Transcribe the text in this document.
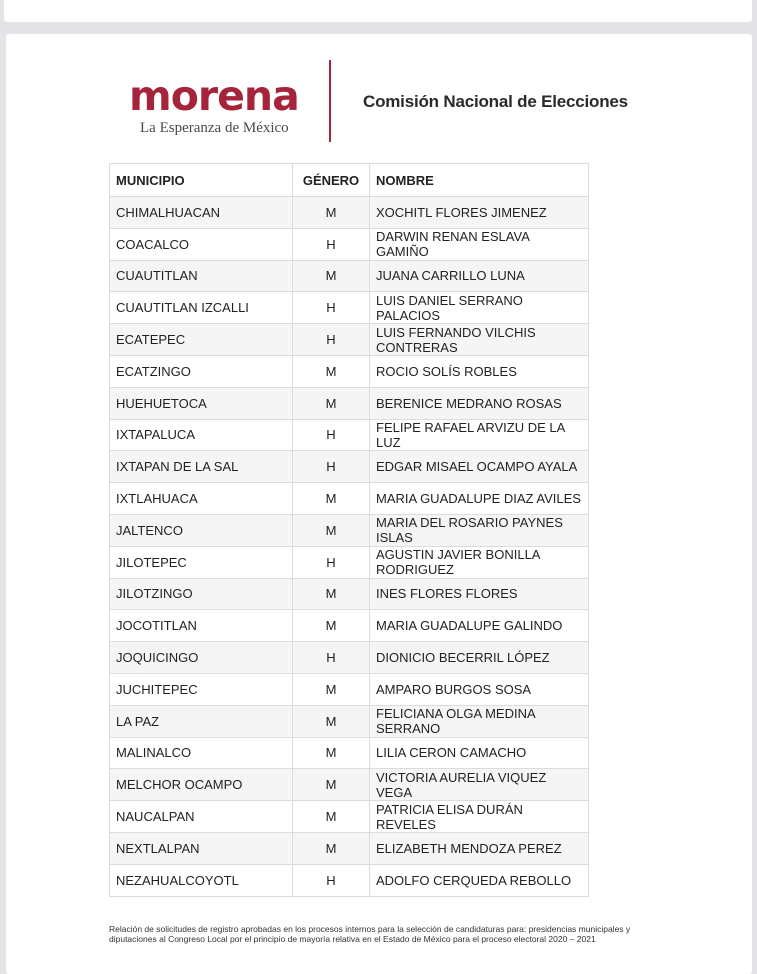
morena
La Esperanza de México
Comisión Nacional de Elecciones
MUNICIPIO	GÉNERO	NOMBRE
CHIMALHUACAN	M	XOCHITL FLORES JIMENEZ
COACALCO	H	DARWIN RENAN ESLAVA GAMIÑO
CUAUTITLAN	M	JUANA CARRILLO LUNA
CUAUTITLAN IZCALLI	H	LUIS DANIEL SERRANO PALACIOS
ECATEPEC	H	LUIS FERNANDO VILCHIS CONTRERAS
ECATZINGO	M	ROCIO SOLÍS ROBLES
HUEHUETOCA	M	BERENICE MEDRANO ROSAS
IXTAPALUCA	H	FELIPE RAFAEL ARVIZU DE LA LUZ
IXTAPAN DE LA SAL	H	EDGAR MISAEL OCAMPO AYALA
IXTLAHUACA	M	MARIA GUADALUPE DIAZ AVILES
JALTENCO	M	MARIA DEL ROSARIO PAYNES ISLAS
JILOTEPEC	H	AGUSTIN JAVIER BONILLA RODRIGUEZ
JILOTZINGO	M	INES FLORES FLORES
JOCOTITLAN	M	MARIA GUADALUPE GALINDO
JOQUICINGO	H	DIONICIO BECERRIL LÓPEZ
JUCHITEPEC	M	AMPARO BURGOS SOSA
LA PAZ	M	FELICIANA OLGA MEDINA SERRANO
MALINALCO	M	LILIA CERON CAMACHO
MELCHOR OCAMPO	M	VICTORIA AURELIA VIQUEZ VEGA
NAUCALPAN	M	PATRICIA ELISA DURÁN REVELES
NEXTLALPAN	M	ELIZABETH MENDOZA PEREZ
NEZAHUALCOYOTL	H	ADOLFO CERQUEDA REBOLLO
Relación de solicitudes de registro aprobadas en los procesos internos para la selección de candidaturas para: presidencias municipales y diputaciones al Congreso Local por el principio de mayoría relativa en el Estado de México para el proceso electoral 2020 – 2021
